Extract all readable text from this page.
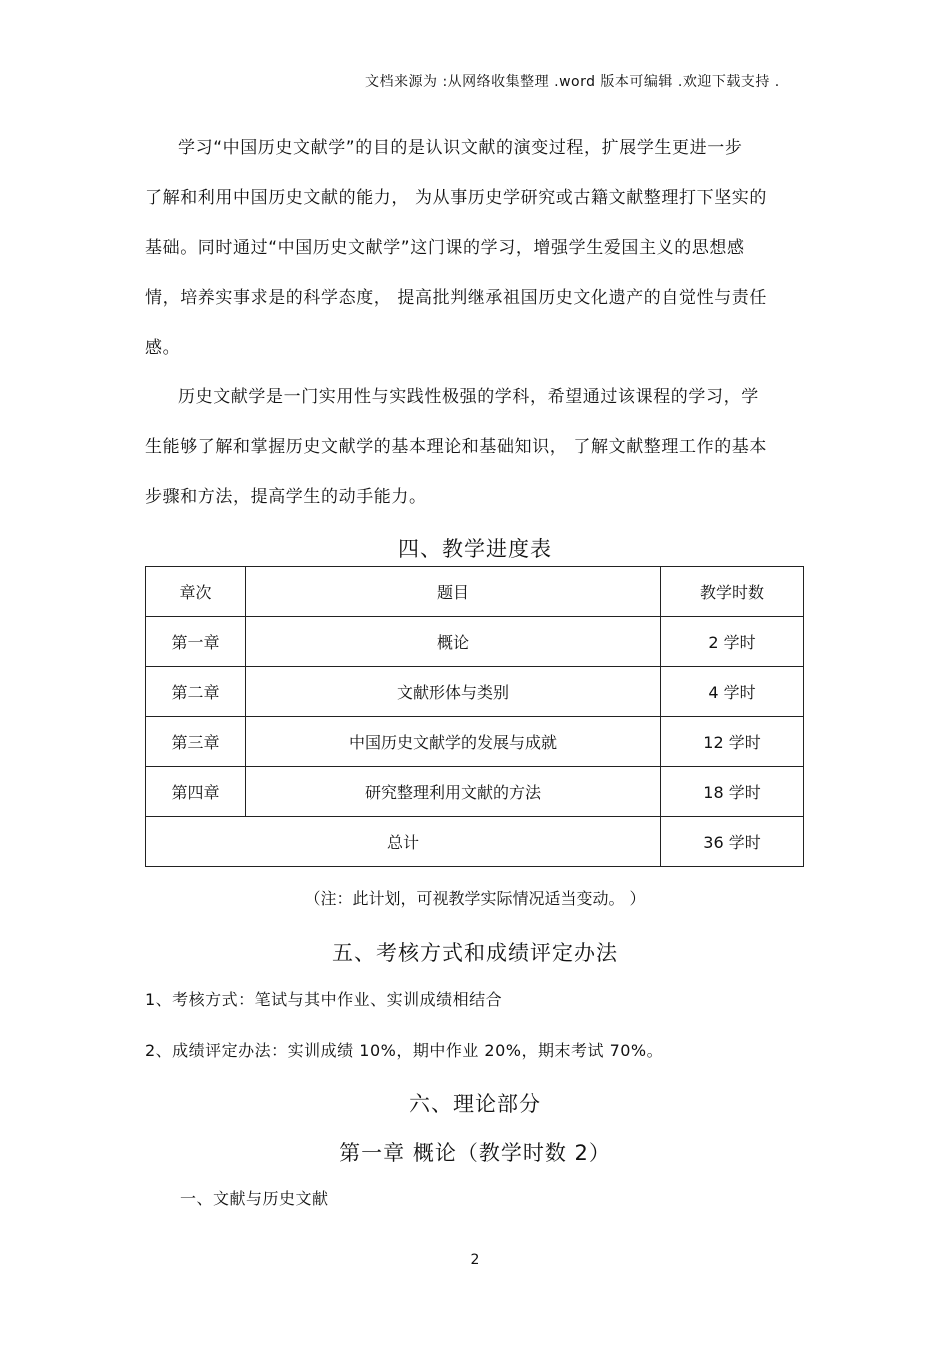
文档来源为 :从网络收集整理 .word 版本可编辑 .欢迎下载支持 .
学习“中国历史文献学”的目的是认识文献的演变过程，扩展学生更进一步
了解和利用中国历史文献的能力， 为从事历史学研究或古籍文献整理打下坚实的
基础。同时通过“中国历史文献学”这门课的学习，增强学生爱国主义的思想感
情，培养实事求是的科学态度， 提高批判继承祖国历史文化遗产的自觉性与责任
感。
历史文献学是一门实用性与实践性极强的学科，希望通过该课程的学习，学
生能够了解和掌握历史文献学的基本理论和基础知识， 了解文献整理工作的基本
步骤和方法，提高学生的动手能力。
四、教学进度表
章次	题目	教学时数
第一章	概论	2 学时
第二章	文献形体与类别	4 学时
第三章	中国历史文献学的发展与成就	12 学时
第四章	研究整理利用文献的方法	18 学时
总计		36 学时
（注：此计划，可视教学实际情况适当变动。 ）
五、考核方式和成绩评定办法
1、考核方式：笔试与其中作业、实训成绩相结合
2、成绩评定办法：实训成绩 10%，期中作业 20%，期末考试 70%。
六、理论部分
第一章 概论（教学时数 2）
一、文献与历史文献
2
